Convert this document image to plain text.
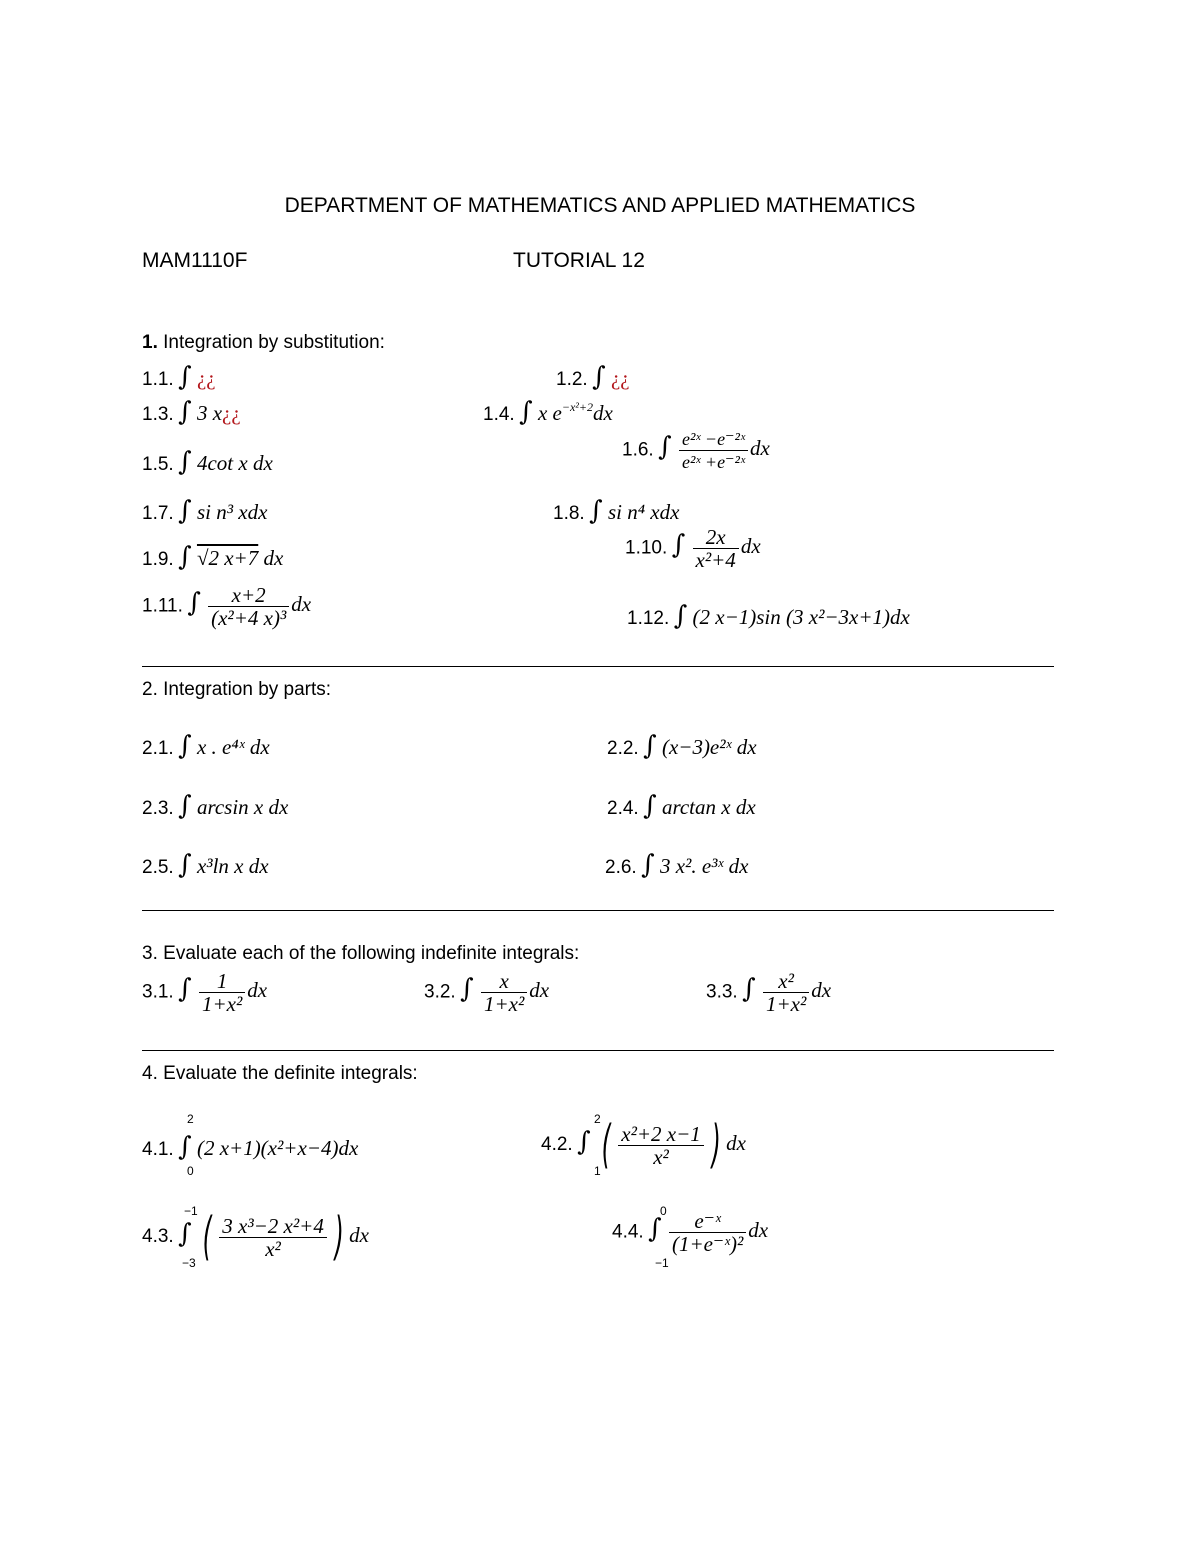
DEPARTMENT OF MATHEMATICS AND APPLIED MATHEMATICS
MAM1110F	TUTORIAL 12
1. Integration by substitution:
1.1. ∫ ¿¿	1.2. ∫ ¿¿
1.3. ∫ 3 x¿¿	1.4. ∫ x $e^{-x^2+2}dx$
1.5. ∫ 4cot x dx
1.6. ∫ $\frac{\text{e²ˣ −e⁻²ˣ}}{\text{e²ˣ +e⁻²ˣ}}$ dx
1.7. ∫ si n³ xdx	1.8. ∫ si n⁴ xdx
1.9. ∫ √2 x+7 dx	1.10. ∫ $\frac{2x}{\text{x²+4}}$ dx
1.11. ∫ $\frac{x+2}{\text{(x²+4 x)³}}$ dx
1.12. ∫ (2 x−1)sin (3 x²−3x+1)dx
2. Integration by parts:
2.1. ∫ x . e⁴ˣ dx	2.2. ∫ (x−3)e²ˣ dx
2.3. ∫ arcsin x dx	2.4. ∫ arctan x dx
2.5. ∫ x³ln x dx	2.6. ∫ 3 x². e³ˣ dx
3. Evaluate each of the following indefinite integrals:
3.1. ∫ $\frac{1}{\text{1+x²}}$ dx	3.2. ∫ $\frac{x}{\text{1+x²}}$ dx	3.3. ∫ $\frac{\text{x²}}{\text{1+x²}}$ dx
4. Evaluate the definite integrals:
4.1. ∫ (2 x+1)(x²+x−4)dx
2
0
4.2. ∫ ( $\frac{\text{x²+2 x−1}}{\text{x²}}$ ) dx
2
1
4.3. ∫ ( $\frac{\text{3 x³−2 x²+4}}{\text{x²}}$ ) dx
−1
−3
4.4. ∫ $\frac{\text{e⁻ˣ}}{\text{(1+e⁻ˣ)²}}$ dx
0
−1
